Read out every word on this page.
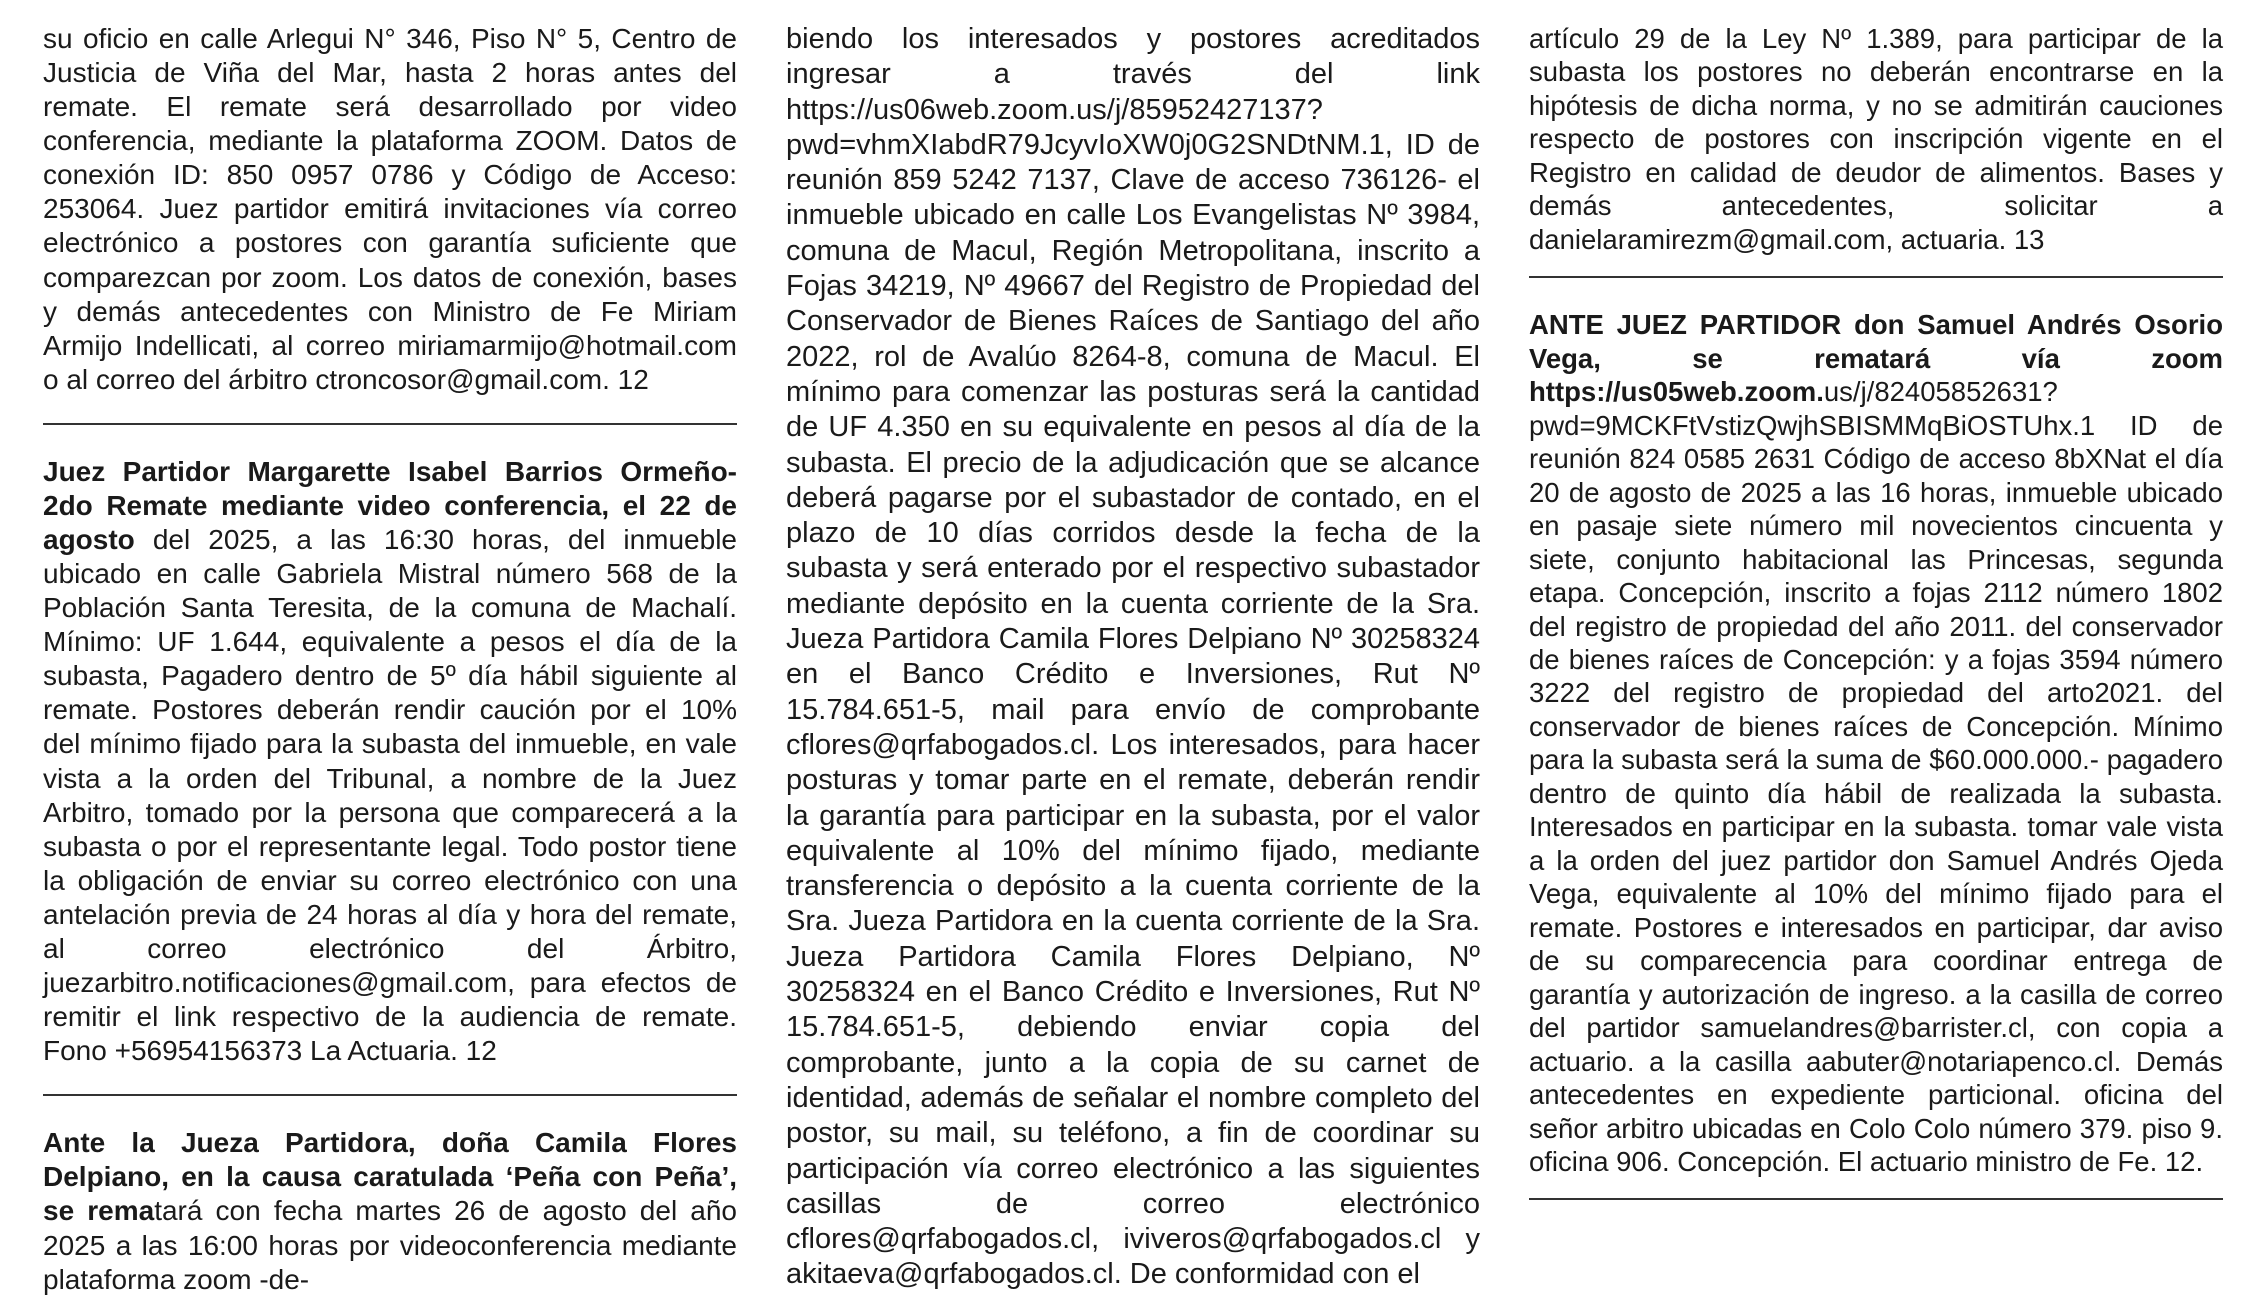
su oficio en calle Arlegui N° 346, Piso N° 5, Centro de Justicia de Viña del Mar, hasta 2 horas antes del remate. El remate será desarrollado por video conferencia, mediante la plataforma ZOOM. Datos de conexión ID: 850 0957 0786 y Código de Acceso: 253064. Juez partidor emitirá invitaciones vía correo electrónico a postores con garantía suficiente que comparezcan por zoom. Los datos de conexión, bases y demás antecedentes con Ministro de Fe Miriam Armijo Indellicati, al correo miriamarmijo@hotmail.com o al correo del árbitro ctroncosor@gmail.com. 12

Juez Partidor Margarette Isabel Barrios Ormeño- 2do Remate mediante video conferencia, el 22 de agosto del 2025, a las 16:30 horas, del inmueble ubicado en calle Gabriela Mistral número 568 de la Población Santa Teresita, de la comuna de Machalí. Mínimo: UF 1.644, equivalente a pesos el día de la subasta, Pagadero dentro de 5º día hábil siguiente al remate. Postores deberán rendir caución por el 10% del mínimo fijado para la subasta del inmueble, en vale vista a la orden del Tribunal, a nombre de la Juez Arbitro, tomado por la persona que comparecerá a la subasta o por el representante legal. Todo postor tiene la obligación de enviar su correo electrónico con una antelación previa de 24 horas al día y hora del remate, al correo electrónico del Árbitro, juezarbitro.notificaciones@gmail.com, para efectos de remitir el link respectivo de la audiencia de remate. Fono +56954156373 La Actuaria. 12

Ante la Jueza Partidora, doña Camila Flores Delpiano, en la causa caratulada ‘Peña con Peña’, se rematará con fecha martes 26 de agosto del año 2025 a las 16:00 horas por videoconferencia mediante plataforma zoom -de-

biendo los interesados y postores acreditados ingresar a través del link https://us06web.zoom.us/j/85952427137?pwd=vhmXIabdR79JcyvIoXW0j0G2SNDtNM.1, ID de reunión 859 5242 7137, Clave de acceso 736126- el inmueble ubicado en calle Los Evangelistas Nº 3984, comuna de Macul, Región Metropolitana, inscrito a Fojas 34219, Nº 49667 del Registro de Propiedad del Conservador de Bienes Raíces de Santiago del año 2022, rol de Avalúo 8264-8, comuna de Macul. El mínimo para comenzar las posturas será la cantidad de UF 4.350 en su equivalente en pesos al día de la subasta. El precio de la adjudicación que se alcance deberá pagarse por el subastador de contado, en el plazo de 10 días corridos desde la fecha de la subasta y será enterado por el respectivo subastador mediante depósito en la cuenta corriente de la Sra. Jueza Partidora Camila Flores Delpiano Nº 30258324 en el Banco Crédito e Inversiones, Rut Nº 15.784.651-5, mail para envío de comprobante cflores@qrfabogados.cl. Los interesados, para hacer posturas y tomar parte en el remate, deberán rendir la garantía para participar en la subasta, por el valor equivalente al 10% del mínimo fijado, mediante transferencia o depósito a la cuenta corriente de la Sra. Jueza Partidora en la cuenta corriente de la Sra. Jueza Partidora Camila Flores Delpiano, Nº 30258324 en el Banco Crédito e Inversiones, Rut Nº 15.784.651-5, debiendo enviar copia del comprobante, junto a la copia de su carnet de identidad, además de señalar el nombre completo del postor, su mail, su teléfono, a fin de coordinar su participación vía correo electrónico a las siguientes casillas de correo electrónico cflores@qrfabogados.cl, iviveros@qrfabogados.cl y akitaeva@qrfabogados.cl. De conformidad con el

artículo 29 de la Ley Nº 1.389, para participar de la subasta los postores no deberán encontrarse en la hipótesis de dicha norma, y no se admitirán cauciones respecto de postores con inscripción vigente en el Registro en calidad de deudor de alimentos. Bases y demás antecedentes, solicitar a danielaramirezm@gmail.com, actuaria. 13

ANTE JUEZ PARTIDOR don Samuel Andrés Osorio Vega, se rematará vía zoom https://us05web.zoom.us/j/82405852631?pwd=9MCKFtVstizQwjhSBISMMqBiOSTUhx.1 ID de reunión 824 0585 2631 Código de acceso 8bXNat el día 20 de agosto de 2025 a las 16 horas, inmueble ubicado en pasaje siete número mil novecientos cincuenta y siete, conjunto habitacional las Princesas, segunda etapa. Concepción, inscrito a fojas 2112 número 1802 del registro de propiedad del año 2011. del conservador de bienes raíces de Concepción: y a fojas 3594 número 3222 del registro de propiedad del arto2021. del conservador de bienes raíces de Concepción. Mínimo para la subasta será la suma de $60.000.000.- pagadero dentro de quinto día hábil de realizada la subasta. Interesados en participar en la subasta. tomar vale vista a la orden del juez partidor don Samuel Andrés Ojeda Vega, equivalente al 10% del mínimo fijado para el remate. Postores e interesados en participar, dar aviso de su comparecencia para coordinar entrega de garantía y autorización de ingreso. a la casilla de correo del partidor samuelandres@barrister.cl, con copia a actuario. a la casilla aabuter@notariapenco.cl. Demás antecedentes en expediente particional. oficina del señor arbitro ubicadas en Colo Colo número 379. piso 9. oficina 906. Concepción. El actuario ministro de Fe. 12.
